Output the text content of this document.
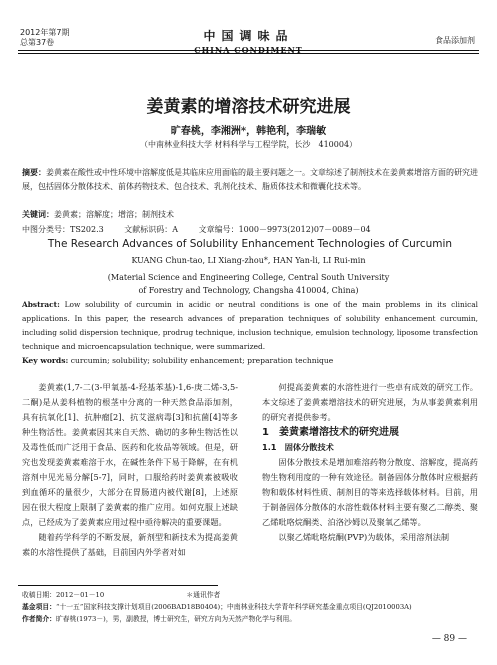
2012年第7期
总第37卷	中国调味品
CHINA CONDIMENT
食品添加剂
姜黄素的增溶技术研究进展
旷春桃，李湘洲*，韩艳利，李瑞敏
（中南林业科技大学 材料科学与工程学院，长沙　410004）
摘要：姜黄素在酸性或中性环境中溶解度低是其临床应用面临的最主要问题之一。文章综述了制剂技术在姜黄素增溶方面的研究进展，包括固体分散体技术、前体药物技术、包合技术、乳剂化技术、脂质体技术和微囊化技术等。
关键词：姜黄素；溶解度；增溶；制剂技术
中图分类号：TS202.3	文献标识码：A	文章编号：1000－9973(2012)07－0089－04
The Research Advances of Solubility Enhancement Technologies of Curcumin
KUANG Chun-tao, LI Xiang-zhou*, HAN Yan-li, LI Rui-min
(Material Science and Engineering College, Central South University
of Forestry and Technology, Changsha 410004, China)
Abstract: Low solubility of curcumin in acidic or neutral conditions is one of the main problems in its clinical applications. In this paper, the research advances of preparation techniques of solubility enhancement curcumin, including solid dispersion technique, prodrug technique, inclusion technique, emulsion technology, liposome transfection technique and microencapsulation technique, were summarized.
Key words: curcumin; solubility; solubility enhancement; preparation technique

姜黄素(1,7-二(3-甲氧基-4-羟基苯基)-1,6-庚二烯-3,5-二酮)是从姜科植物的根茎中分离的一种天然食品添加剂，具有抗氧化[1]、抗肿瘤[2]、抗艾滋病毒[3]和抗菌[4]等多种生物活性。姜黄素因其来自天然、确切的多种生物活性以及毒性低而广泛用于食品、医药和化妆品等领域。但是，研究也发现姜黄素难溶于水，在碱性条件下易于降解，在有机溶剂中见光易分解[5-7]，同时，口服给药时姜黄素被吸收到血循环的量很少，大部分在胃肠道内被代谢[8]，上述原因在很大程度上限制了姜黄素的推广应用。如何克服上述缺点，已经成为了姜黄素应用过程中亟待解决的重要课题。

随着药学科学的不断发展，新剂型和新技术为提高姜黄素的水溶性提供了基础，目前国内外学者对如

何提高姜黄素的水溶性进行一些卓有成效的研究工作。本文综述了姜黄素增溶技术的研究进展，为从事姜黄素利用的研究者提供参考。

1　姜黄素增溶技术的研究进展

1.1　固体分散技术

固体分散技术是增加难溶药物分散度、溶解度，提高药物生物利用度的一种有效途径。制备固体分散体时应根据药物和载体材料性质、制剂目的等来选择载体材料。目前，用于制备固体分散体的水溶性载体材料主要有聚乙二醇类、聚乙烯吡咯烷酮类、泊洛沙姆以及聚氧乙烯等。

以聚乙烯吡咯烷酮(PVP)为载体，采用溶剂法制

收稿日期：2012－01－10	＊通讯作者
基金项目：“十一五”国家科技支撑计划项目(2006BAD18B0404)；中南林业科技大学青年科学研究基金重点项目(QJ2010003A)
作者简介：旷春桃(1973－)，男，副教授，博士研究生，研究方向为天然产物化学与利用。
— 89 —
